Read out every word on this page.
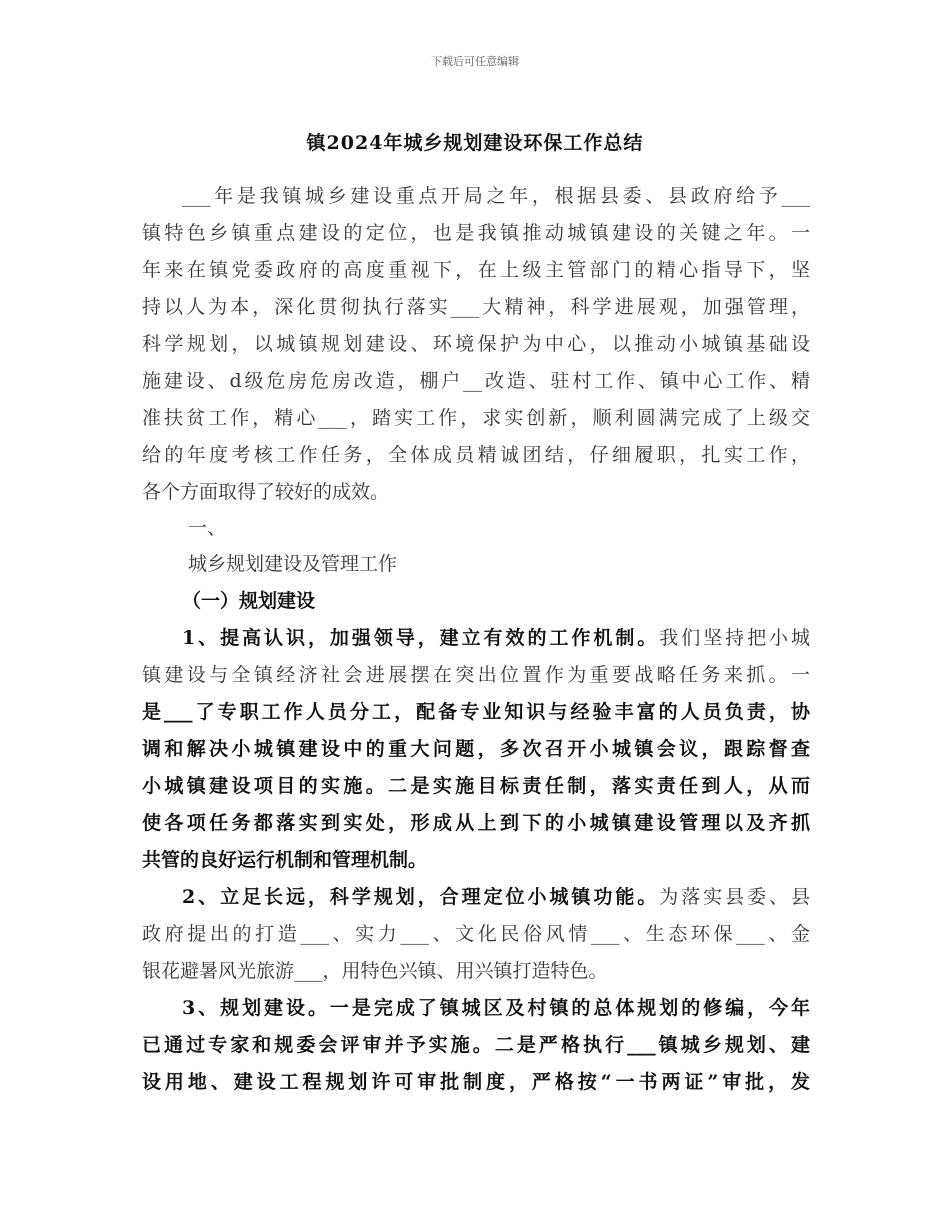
下载后可任意编辑
镇2024年城乡规划建设环保工作总结
___年是我镇城乡建设重点开局之年，根据县委、县政府给予___
镇特色乡镇重点建设的定位，也是我镇推动城镇建设的关键之年。一
年来在镇党委政府的高度重视下，在上级主管部门的精心指导下，坚
持以人为本，深化贯彻执行落实___大精神，科学进展观，加强管理，
科学规划，以城镇规划建设、环境保护为中心，以推动小城镇基础设
施建设、d级危房危房改造，棚户__改造、驻村工作、镇中心工作、精
准扶贫工作，精心___，踏实工作，求实创新，顺利圆满完成了上级交
给的年度考核工作任务，全体成员精诚团结，仔细履职，扎实工作，
各个方面取得了较好的成效。
一、
城乡规划建设及管理工作
（一）规划建设
1、提高认识，加强领导，建立有效的工作机制。我们坚持把小城
镇建设与全镇经济社会进展摆在突出位置作为重要战略任务来抓。一
是___了专职工作人员分工，配备专业知识与经验丰富的人员负责，协
调和解决小城镇建设中的重大问题，多次召开小城镇会议，跟踪督查
小城镇建设项目的实施。二是实施目标责任制，落实责任到人，从而
使各项任务都落实到实处，形成从上到下的小城镇建设管理以及齐抓
共管的良好运行机制和管理机制。
2、立足长远，科学规划，合理定位小城镇功能。为落实县委、县
政府提出的打造___、实力___、文化民俗风情___、生态环保___、金
银花避暑风光旅游___，用特色兴镇、用兴镇打造特色。
3、规划建设。一是完成了镇城区及村镇的总体规划的修编，今年
已通过专家和规委会评审并予实施。二是严格执行___镇城乡规划、建
设用地、建设工程规划许可审批制度，严格按“一书两证”审批，发
